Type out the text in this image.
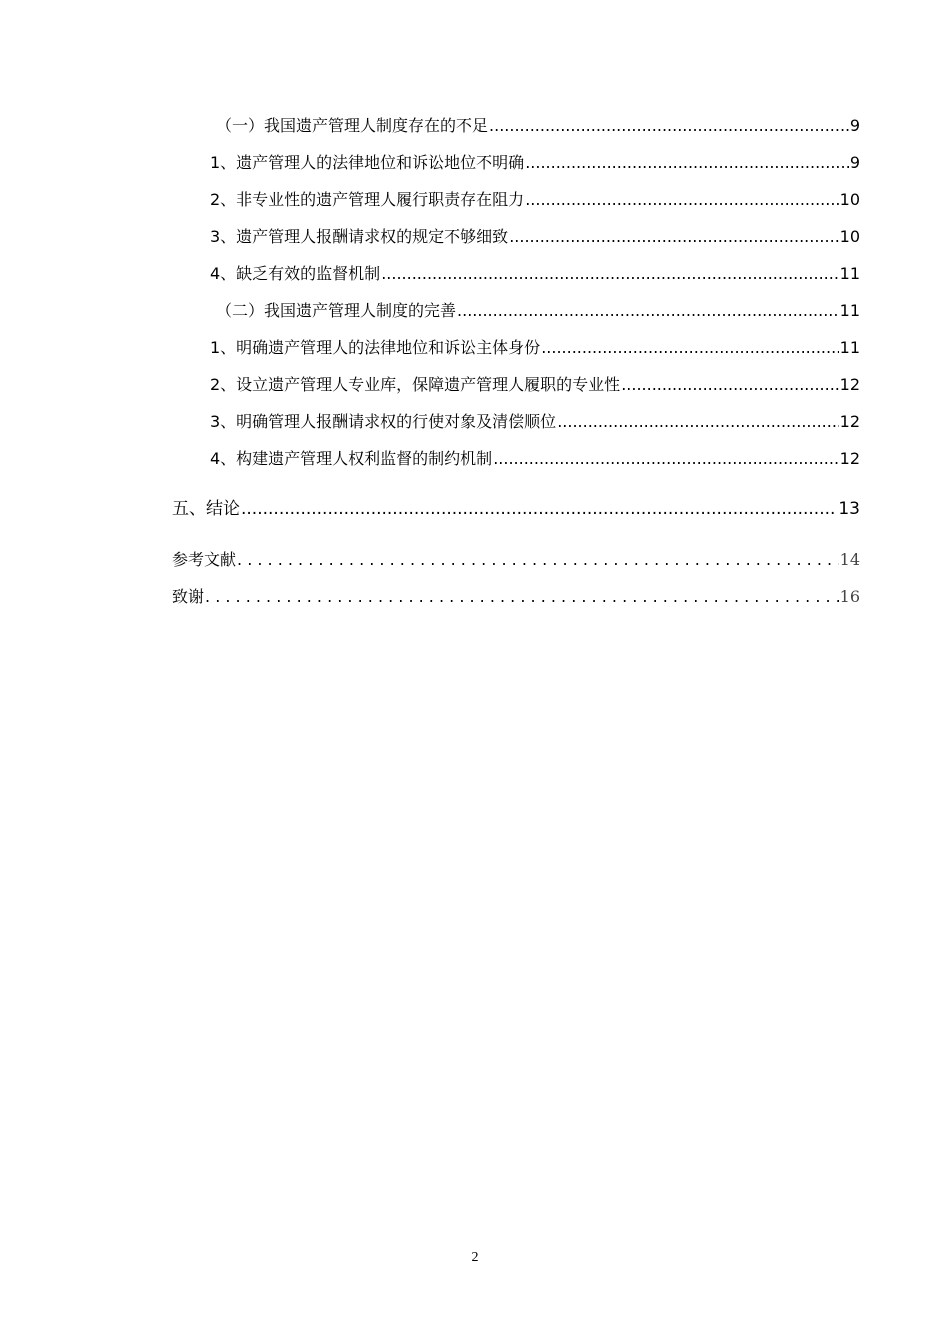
（一）我国遗产管理人制度存在的不足 .....	9
1、遗产管理人的法律地位和诉讼地位不明确 .....	9
2、非专业性的遗产管理人履行职责存在阻力 .....	10
3、遗产管理人报酬请求权的规定不够细致 .....	10
4、缺乏有效的监督机制 .....	11
（二）我国遗产管理人制度的完善 .....	11
1、明确遗产管理人的法律地位和诉讼主体身份 .....	11
2、设立遗产管理人专业库，保障遗产管理人履职的专业性 .....	12
3、明确管理人报酬请求权的行使对象及清偿顺位 .....	12
4、构建遗产管理人权利监督的制约机制 .....	12
五、结论 .....	13
参考文献 . . .	14
致谢 . . .	16
2
